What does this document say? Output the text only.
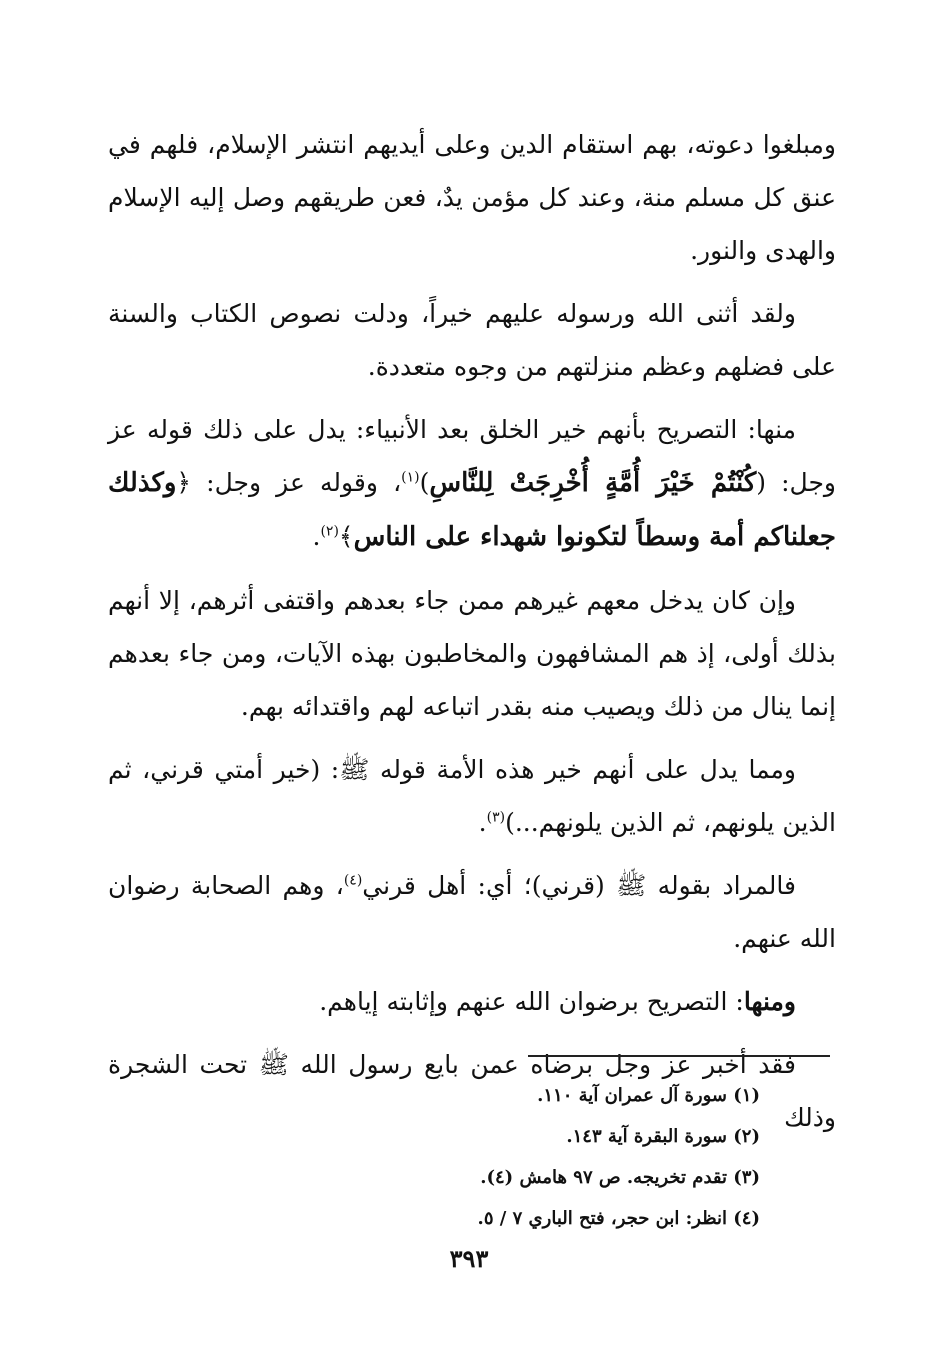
ومبلغوا دعوته، بهم استقام الدين وعلى أيديهم انتشر الإسلام، فلهم في عنق كل مسلم منة، وعند كل مؤمن يدٌ، فعن طريقهم وصل إليه الإسلام والهدى والنور.

ولقد أثنى الله ورسوله عليهم خيراً، ودلت نصوص الكتاب والسنة على فضلهم وعظم منزلتهم من وجوه متعددة.

منها: التصريح بأنهم خير الخلق بعد الأنبياء: يدل على ذلك قوله عز وجل: (كُنْتُمْ خَيْرَ أُمَّةٍ أُخْرِجَتْ لِلنَّاسِ)$^{(١)}$، وقوله عز وجل: ﴿وكذلك جعلناكم أمة وسطاً لتكونوا شهداء على الناس﴾$^{(٢)}$.

وإن كان يدخل معهم غيرهم ممن جاء بعدهم واقتفى أثرهم، إلا أنهم بذلك أولى، إذ هم المشافهون والمخاطبون بهذه الآيات، ومن جاء بعدهم إنما ينال من ذلك ويصيب منه بقدر اتباعه لهم واقتدائه بهم.

ومما يدل على أنهم خير هذه الأمة قوله ﷺ: (خير أمتي قرني، ثم الذين يلونهم، ثم الذين يلونهم...)$^{(٣)}$.

فالمراد بقوله ﷺ (قرني)؛ أي: أهل قرني$^{(٤)}$، وهم الصحابة رضوان الله عنهم.

ومنها: التصريح برضوان الله عنهم وإثابته إياهم.

فقد أخبر عز وجل برضاه عمن بايع رسول الله ﷺ تحت الشجرة وذلك

(١) سورة آل عمران آية ١١٠.

(٢) سورة البقرة آية ١٤٣.

(٣) تقدم تخريجه. ص ٩٧ هامش (٤).

(٤) انظر: ابن حجر، فتح الباري ٧ / ٥.

٣٩٣
